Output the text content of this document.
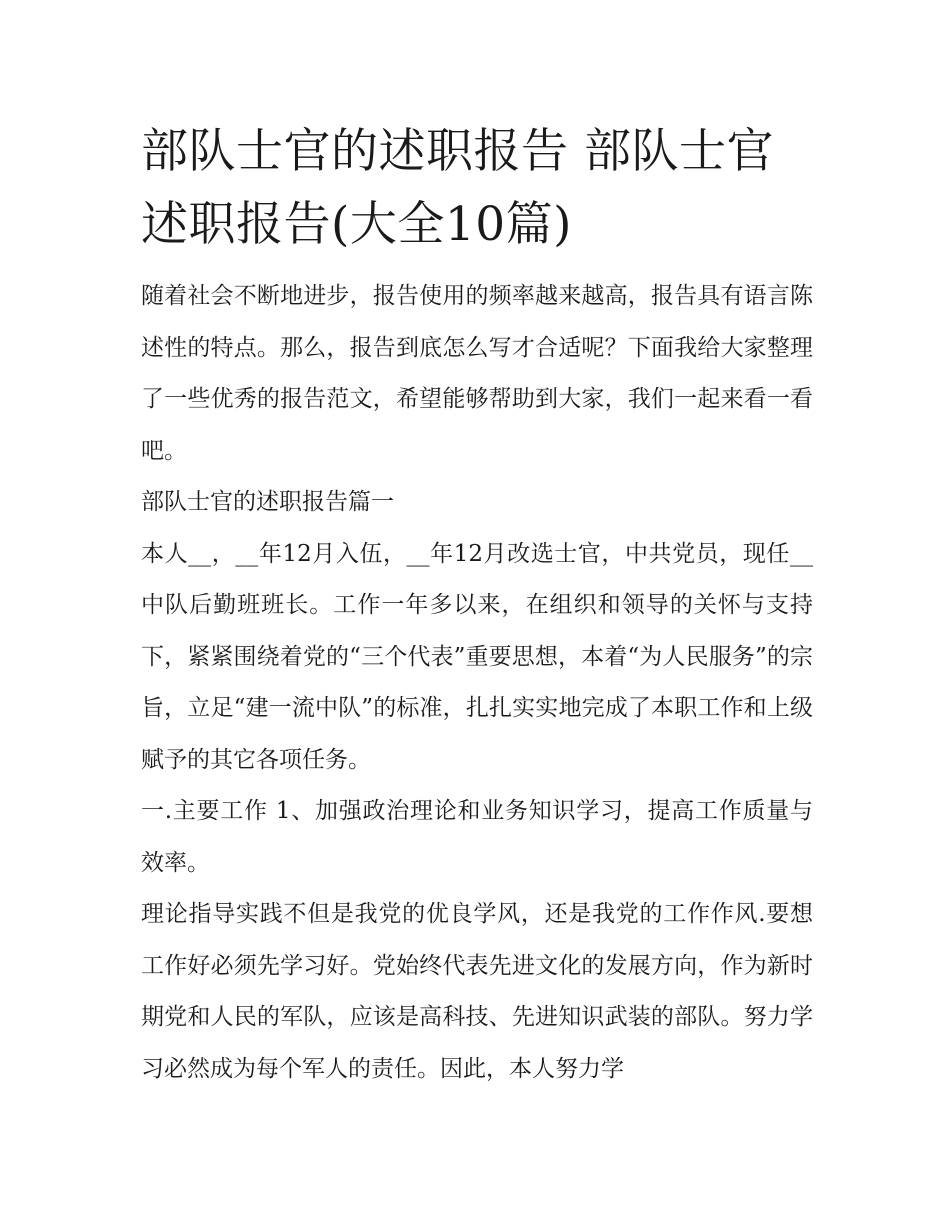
部队士官的述职报告 部队士官述职报告(大全10篇)

随着社会不断地进步，报告使用的频率越来越高，报告具有语言陈述性的特点。那么，报告到底怎么写才合适呢？下面我给大家整理了一些优秀的报告范文，希望能够帮助到大家，我们一起来看一看吧。

部队士官的述职报告篇一

本人__，__年12月入伍，__年12月改选士官，中共党员，现任__中队后勤班班长。工作一年多以来，在组织和领导的关怀与支持下，紧紧围绕着党的“三个代表”重要思想，本着“为人民服务”的宗旨，立足“建一流中队”的标准，扎扎实实地完成了本职工作和上级赋予的其它各项任务。

一.主要工作 1、加强政治理论和业务知识学习，提高工作质量与效率。

理论指导实践不但是我党的优良学风，还是我党的工作作风.要想工作好必须先学习好。党始终代表先进文化的发展方向，作为新时期党和人民的军队，应该是高科技、先进知识武装的部队。努力学习必然成为每个军人的责任。因此，本人努力学
